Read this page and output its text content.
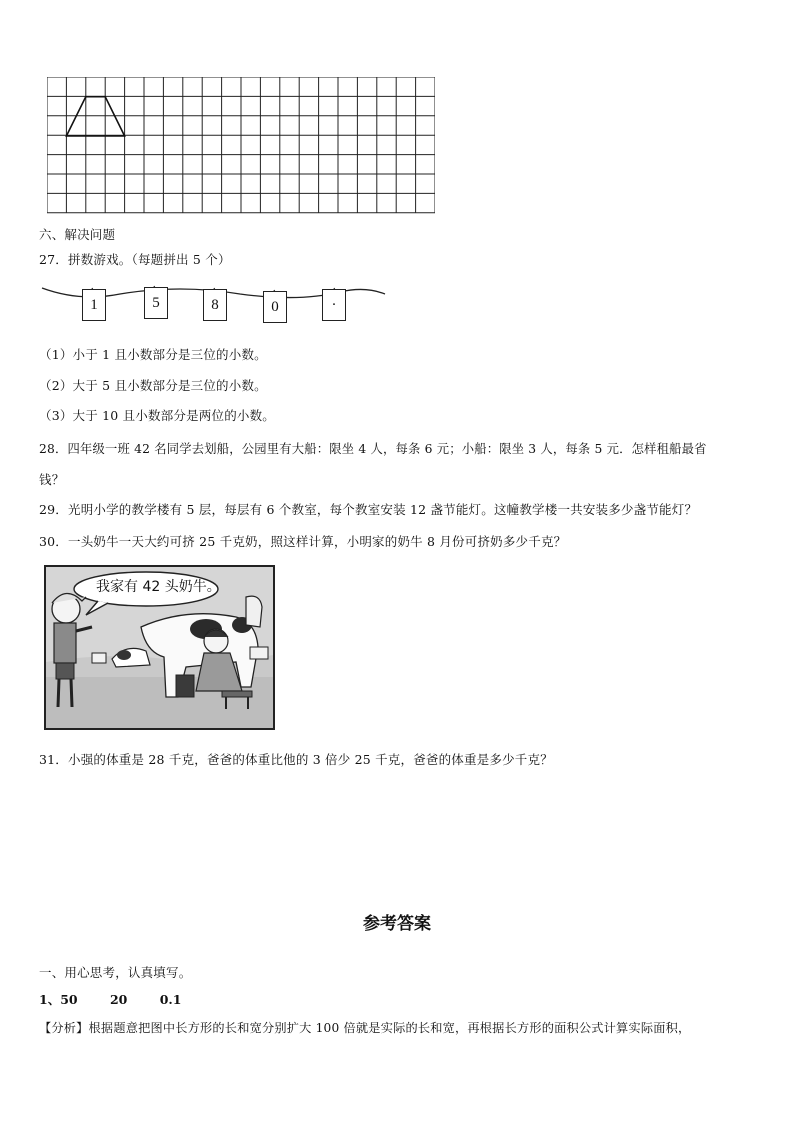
六、解决问题
27．拼数游戏。（每题拼出 5 个）
1	5	8	0	·
（1）小于 1 且小数部分是三位的小数。
（2）大于 5 且小数部分是三位的小数。
（3）大于 10 且小数部分是两位的小数。
28．四年级一班 42 名同学去划船，公园里有大船：限坐 4 人，每条 6 元；小船：限坐 3 人，每条 5 元．怎样租船最省
钱？
29．光明小学的教学楼有 5 层，每层有 6 个教室，每个教室安装 12 盏节能灯。这幢教学楼一共安装多少盏节能灯？
30．一头奶牛一天大约可挤 25 千克奶，照这样计算，小明家的奶牛 8 月份可挤奶多少千克？
我家有 42 头奶牛。
31．小强的体重是 28 千克，爸爸的体重比他的 3 倍少 25 千克，爸爸的体重是多少千克？
参考答案
一、用心思考，认真填写。
1、50	20	0.1
【分析】根据题意把图中长方形的长和宽分别扩大 100 倍就是实际的长和宽，再根据长方形的面积公式计算实际面积，
